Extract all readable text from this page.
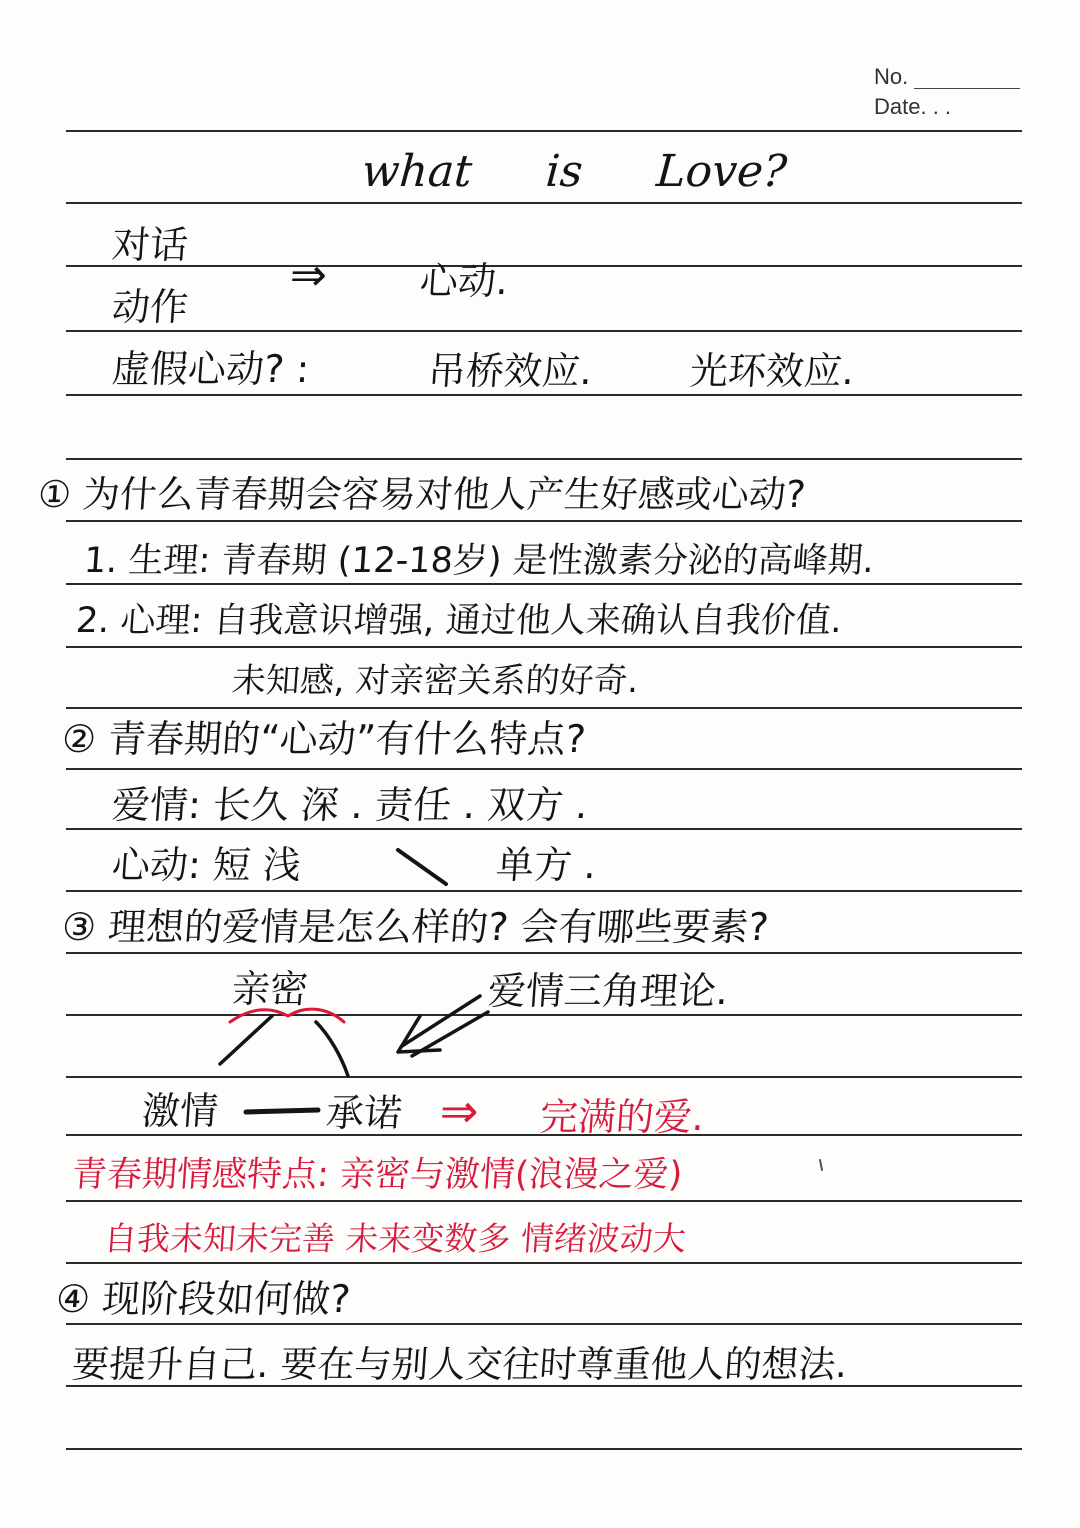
No.
Date. . .
what is Love?
对话
动作
⇒ 心动.
虚假心动? :	吊桥效应. 光环效应.
① 为什么青春期会容易对他人产生好感或心动?
1. 生理: 青春期 (12-18岁) 是性激素分泌的高峰期.
2. 心理: 自我意识增强, 通过他人来确认自我价值.
未知感, 对亲密关系的好奇.
② 青春期的“心动”有什么特点?
爱情: 长久 深 . 责任 . 双方 .
心动: 短 浅	单方 .
③ 理想的爱情是怎么样的? 会有哪些要素?
亲密	爱情三角理论.
激情	承诺 ⇒ 完满的爱.
青春期情感特点: 亲密与激情(浪漫之爱)
自我未知未完善 未来变数多 情绪波动大
④ 现阶段如何做?
要提升自己. 要在与别人交往时尊重他人的想法.
